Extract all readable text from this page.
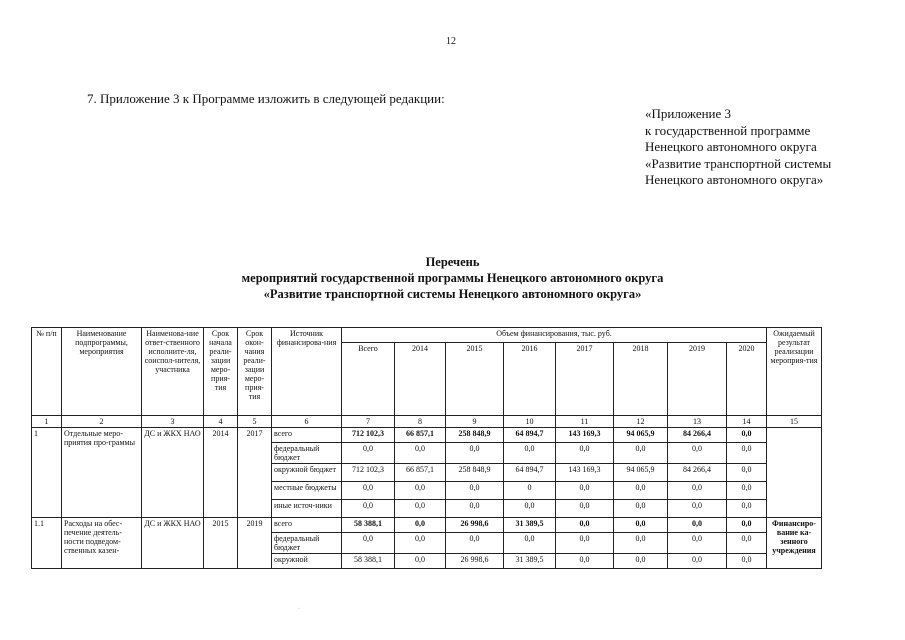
12
7. Приложение 3 к Программе изложить в следующей редакции:
«Приложение 3
к государственной программе
Ненецкого автономного округа
«Развитие транспортной системы
Ненецкого автономного округа»
Перечень
мероприятий государственной программы Ненецкого автономного округа
«Развитие транспортной системы Ненецкого автономного округа»
№ п/п	Наименование подпрограммы, мероприятия	Наименова-ние ответ-ственного исполните-ля, соиспол-нителя, участника	Срок начала реали-зации меро-прия-тия	Срок окон-чания реали-зации меро-прия-тия	Источник финансирова-ния	Объем финансирования, тыс. руб.								Ожидаемый результат реализации мероприя-тия
						Всего	2014	2015	2016	2017	2018	2019	2020	
1	2	3	4	5	6	7	8	9	10	11	12	13	14	15
1	Отдельные меро-приятия про-граммы	ДС и ЖКХ НАО	2014	2017	всего	712 102,3	66 857,1	258 848,9	64 894,7	143 169,3	94 065,9	84 266,4	0,0	
					федеральный бюджет	0,0	0,0	0,0	0,0	0,0	0,0	0,0	0,0	
					окружной бюджет	712 102,3	66 857,1	258 848,9	64 894,7	143 169,3	94 065,9	84 266,4	0,0	
					местные бюджеты	0,0	0,0	0,0	0	0,0	0,0	0,0	0,0	
					иные источ-ники	0,0	0,0	0,0	0,0	0,0	0,0	0,0	0,0	
1.1	Расходы на обес-печение деятель-ности подведом-ственных казен-	ДС и ЖКХ НАО	2015	2019	всего	58 388,1	0,0	26 998,6	31 389,5	0,0	0,0	0,0	0,0	Финансиро-вание ка-зенного учреждения
					федеральный бюджет	0,0	0,0	0,0	0,0	0,0	0,0	0,0	0,0	
					окружной	58 388,1	0,0	26 998,6	31 389,5	0,0	0,0	0,0	0,0	
·
